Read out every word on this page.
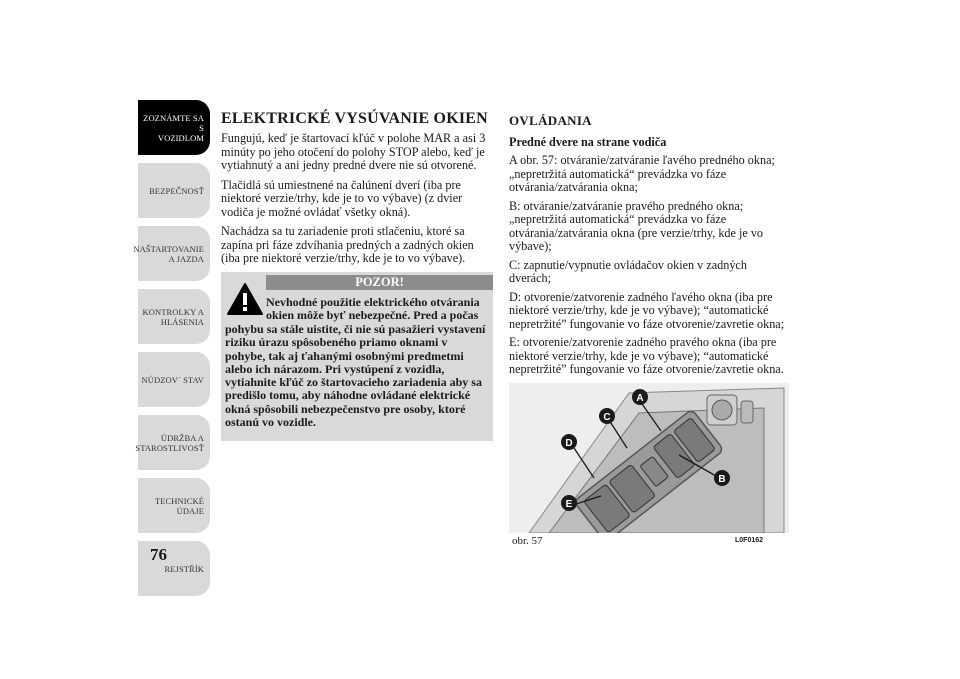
ZOZNÁMTE SA S
VOZIDLOM
BEZPEČNOSŤ
NAŠTARTOVANIE
A JAZDA
KONTROLKY A
HLÁSENIA
NÚDZOV´ STAV
ÚDRŽBA A
STAROSTLIVOSŤ
TECHNICKÉ
ÚDAJE
REJSTŘÍK
76
ELEKTRICKÉ VYSÚVANIE OKIEN

Fungujú, keď je štartovací kľúč v polohe MAR a asi 3 minúty po jeho otočení do polohy STOP alebo, keď je vytiahnutý a ani jedny predné dvere nie sú otvorené.

Tlačidlá sú umiestnené na čalúnení dverí (iba pre niektoré verzie/trhy, kde je to vo výbave) (z dvier vodiča je možné ovládať všetky okná).

Nachádza sa tu zariadenie proti stlačeniu, ktoré sa zapína pri fáze zdvíhania predných a zadných okien (iba pre niektoré verzie/trhy, kde je to vo výbave).

POZOR!
Nevhodné použitie elektrického otvárania okien môže byť nebezpečné. Pred a počas
pohybu sa stále uistite, či nie sú pasažieri vystavení riziku úrazu spôsobeného priamo oknami v pohybe, tak aj ťahanými osobnými predmetmi alebo ich nárazom. Pri vystúpení z vozidla, vytiahnite kľúč zo štartovacieho zariadenia aby sa predišlo tomu, aby náhodne ovládané elektrické okná spôsobili nebezpečenstvo pre osoby, ktoré ostanú vo vozidle.
OVLÁDANIA
Predné dvere na strane vodiča

A obr. 57: otváranie/zatváranie ľavého predného okna; „nepretržitá automatická“ prevádzka vo fáze otvárania/zatvárania okna;

B: otváranie/zatváranie pravého predného okna; „nepretržitá automatická“ prevádzka vo fáze otvárania/zatvárania okna (pre verzie/trhy, kde je vo výbave);

C: zapnutie/vypnutie ovládačov okien v zadných dverách;

D: otvorenie/zatvorenie zadného ľavého okna (iba pre niektoré verzie/trhy, kde je vo výbave); “automatické nepretržité” fungovanie vo fáze otvorenie/zavretie okna;

E: otvorenie/zatvorenie zadného pravého okna (iba pre niektoré verzie/trhy, kde je vo výbave); “automatické nepretržité” fungovanie vo fáze otvorenie/zavretie okna.

A
B
C
D
E
obr. 57	L0F0162
